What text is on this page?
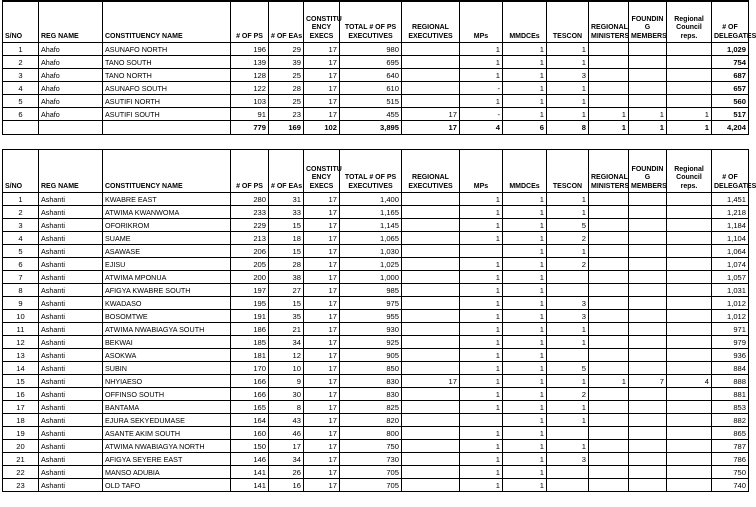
S/NO	REG NAME	CONSTITUENCY NAME	# OF PS	# OF EAs	CONSTITU ENCY EXECS	TOTAL # OF PS EXECUTIVES	REGIONAL EXECUTIVES	MPs	MMDCEs	TESCON	REGIONAL MINISTERS	FOUNDIN G MEMBERS	Regional Council reps.	# OF DELEGATES
1	Ahafo	ASUNAFO NORTH	196	29	17	980		1	1	1				1,029
2	Ahafo	TANO SOUTH	139	39	17	695		1	1	1				754
3	Ahafo	TANO NORTH	128	25	17	640		1	1	3				687
4	Ahafo	ASUNAFO SOUTH	122	28	17	610		-	1	1				657
5	Ahafo	ASUTIFI NORTH	103	25	17	515		1	1	1				560
6	Ahafo	ASUTIFI SOUTH	91	23	17	455	17	-	1	1	1	1	1	517
			779	169	102	3,895	17	4	6	8	1	1	1	4,204

S/NO	REG NAME	CONSTITUENCY NAME	# OF PS	# OF EAs	CONSTITU ENCY EXECS	TOTAL # OF PS EXECUTIVES	REGIONAL EXECUTIVES	MPs	MMDCEs	TESCON	REGIONAL MINISTERS	FOUNDIN G MEMBERS	Regional Council reps.	# OF DELEGATES
1	Ashanti	KWABRE EAST	280	31	17	1,400		1	1	1				1,451
2	Ashanti	ATWIMA KWANWOMA	233	33	17	1,165		1	1	1				1,218
3	Ashanti	OFORIKROM	229	15	17	1,145		1	1	5				1,184
4	Ashanti	SUAME	213	18	17	1,065		1	1	2				1,104
5	Ashanti	ASAWASE	206	15	17	1,030			1	1				1,064
6	Ashanti	EJISU	205	28	17	1,025		1	1	2				1,074
7	Ashanti	ATWIMA MPONUA	200	38	17	1,000		1	1					1,057
8	Ashanti	AFIGYA KWABRE SOUTH	197	27	17	985		1	1					1,031
9	Ashanti	KWADASO	195	15	17	975		1	1	3				1,012
10	Ashanti	BOSOMTWE	191	35	17	955		1	1	3				1,012
11	Ashanti	ATWIMA NWABIAGYA SOUTH	186	21	17	930		1	1	1				971
12	Ashanti	BEKWAI	185	34	17	925		1	1	1				979
13	Ashanti	ASOKWA	181	12	17	905		1	1					936
14	Ashanti	SUBIN	170	10	17	850		1	1	5				884
15	Ashanti	NHYIAESO	166	9	17	830	17	1	1	1	1	7	4	888
16	Ashanti	OFFINSO SOUTH	166	30	17	830		1	1	2				881
17	Ashanti	BANTAMA	165	8	17	825		1	1	1				853
18	Ashanti	EJURA SEKYEDUMASE	164	43	17	820			1	1				882
19	Ashanti	ASANTE AKIM SOUTH	160	46	17	800		1	1					865
20	Ashanti	ATWIMA NWABIAGYA NORTH	150	17	17	750		1	1	1				787
21	Ashanti	AFIGYA SEYERE EAST	146	34	17	730		1	1	3				786
22	Ashanti	MANSO ADUBIA	141	26	17	705		1	1					750
23	Ashanti	OLD TAFO	141	16	17	705		1	1					740
